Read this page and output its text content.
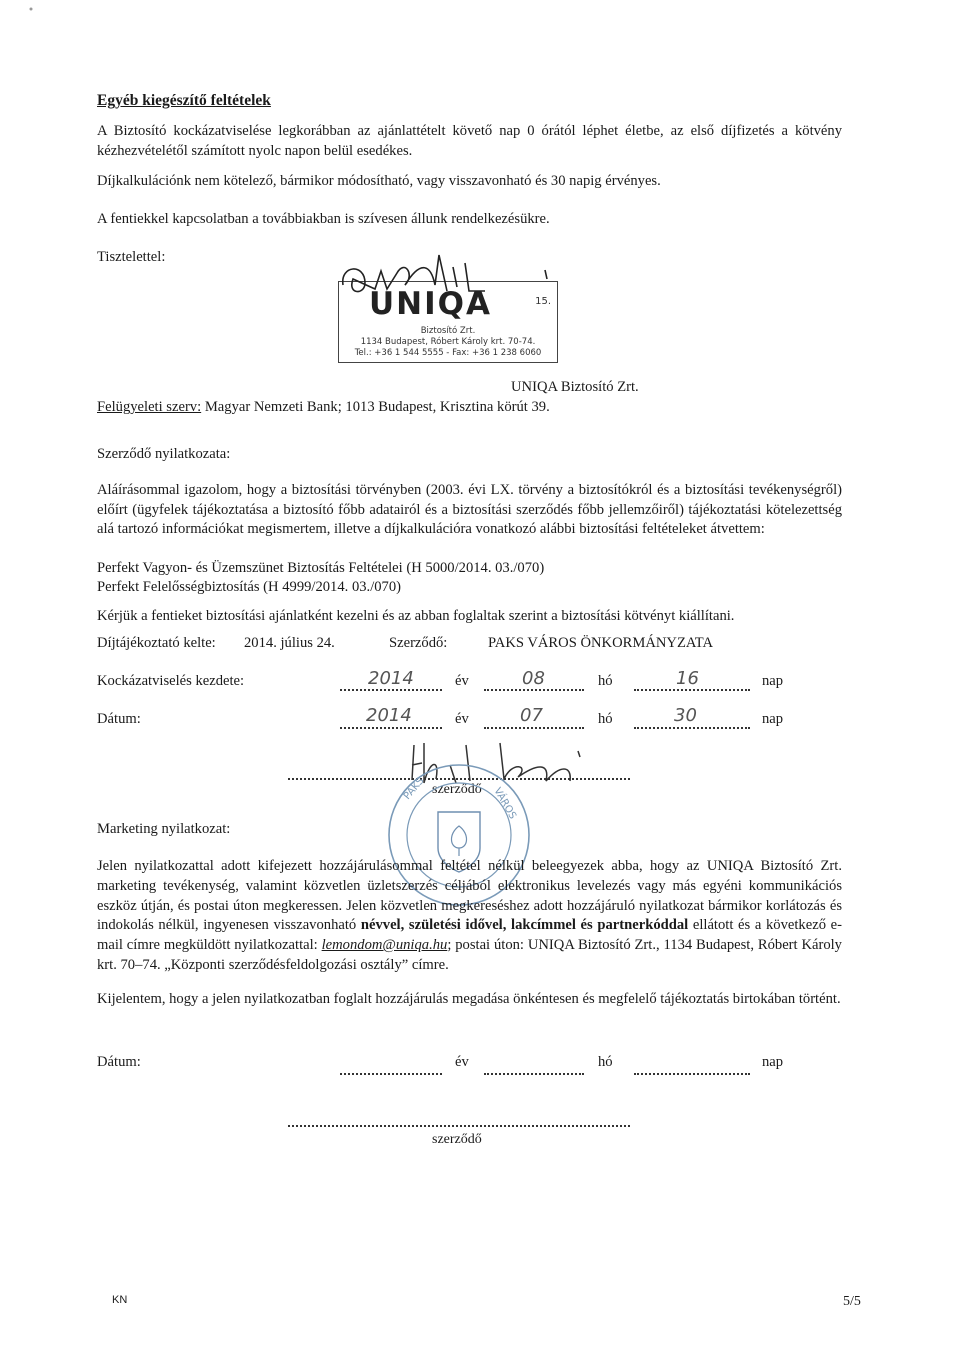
Egyéb kiegészítő feltételek

A Biztosító kockázatviselése legkorábban az ajánlattételt követő nap 0 órától léphet életbe, az első díjfizetés a kötvény kézhezvételétől számított nyolc napon belül esedékes.

Díjkalkulációnk nem kötelező, bármikor módosítható, vagy visszavonható és 30 napig érvényes.

A fentiekkel kapcsolatban a továbbiakban is szívesen állunk rendelkezésükre.

Tisztelettel:

UNIQA	15.
Biztosító Zrt.
1134 Budapest, Róbert Károly krt. 70-74.
Tel.: +36 1 544 5555 - Fax: +36 1 238 6060

UNIQA Biztosító Zrt.

Felügyeleti szerv: Magyar Nemzeti Bank; 1013 Budapest, Krisztina körút 39.

Szerződő nyilatkozata:

Aláírásommal igazolom, hogy a biztosítási törvényben (2003. évi LX. törvény a biztosítókról és a biztosítási tevékenységről) előírt (ügyfelek tájékoztatása a biztosító főbb adatairól és a biztosítási szerződés főbb jellemzőiről) tájékoztatási kötelezettség alá tartozó információkat megismertem, illetve a díjkalkulációra vonatkozó alábbi biztosítási feltételeket átvettem:

Perfekt Vagyon- és Üzemszünet Biztosítás Feltételei (H 5000/2014. 03./070)

Perfekt Felelősségbiztosítás (H 4999/2014. 03./070)

Kérjük a fentieket biztosítási ajánlatként kezelni és az abban foglaltak szerint a biztosítási kötvényt kiállítani.

Díjtájékoztató kelte: 2014. július 24.	Szerződő:	PAKS VÁROS ÖNKORMÁNYZATA
Kockázatviselés kezdete:	2014	év	08	hó	16	nap
Dátum:	2014	év	07	hó	30	nap
szerződő
PAKS	VÁROS

Marketing nyilatkozat:

Jelen nyilatkozattal adott kifejezett hozzájárulásommal feltétel nélkül beleegyezek abba, hogy az UNIQA Biztosító Zrt. marketing tevékenység, valamint közvetlen üzletszerzés céljából elektronikus levelezés vagy más egyéni kommunikációs eszköz útján, és postai úton megkeressen. Jelen közvetlen megkereséshez adott hozzájáruló nyilatkozat bármikor korlátozás és indokolás nélkül, ingyenesen visszavonható névvel, születési idővel, lakcímmel és partnerkóddal ellátott és a következő e-mail címre megküldött nyilatkozattal: lemondom@uniqa.hu; postai úton: UNIQA Biztosító Zrt., 1134 Budapest, Róbert Károly krt. 70–74. „Központi szerződésfeldolgozási osztály” címre.

Kijelentem, hogy a jelen nyilatkozatban foglalt hozzájárulás megadása önkéntesen és megfelelő tájékoztatás birtokában történt.

Dátum:	év	hó	nap
szerződő
KN	5/5
